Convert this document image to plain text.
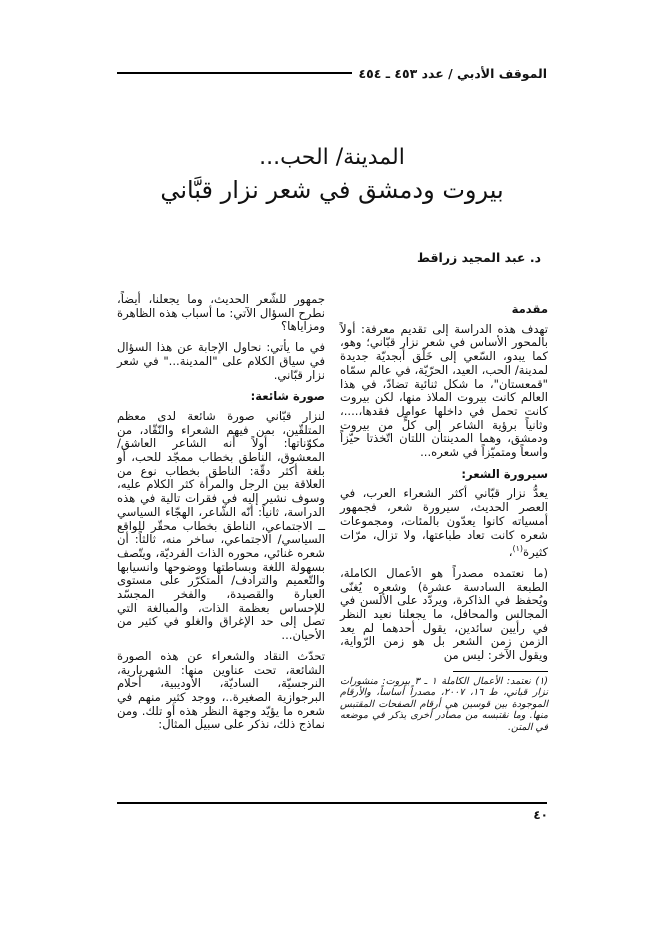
الموقف الأدبي / عدد ٤٥٣ ـ ٤٥٤
المدينة/ الحب...
بيروت ودمشق في شعر نزار قبَّاني
د. عبد المجيد زراقط
مقدمة

تهدف هذه الدراسة إلى تقديم معرفة: أولاً بالمحور الأساس في شعر نزار قبّاني؛ وهو، كما يبدو، السّعي إلى خَلْق أبجديّة جديدة لمدينة/ الحب، العيد، الحرّيّة، في عالم سمّاه "قمعستان"، ما شكل ثنائية تضادّ، في هذا العالم كانت بيروت الملاذ منها، لكن بيروت كانت تحمل في داخلها عوامل فقدها،....، وثانياً برؤية الشاعر إلى كلٍّ من بيروت ودمشق، وهما المدينتان اللتان اتّخذتا حيّزاً واسعاً ومتميّزاً في شعره...

سيرورة الشعر:

يعدُّ نزار قبّاني أكثر الشعراء العرب، في العصر الحديث، سيرورة شعر، فجمهور أمسياته كانوا يعدّون بالمئات، ومجموعات شعره كانت تعاد طباعتها، ولا تزال، مرّات كثيرة$^{(١)}$،

(ما نعتمده مصدراً هو الأعمال الكاملة، الطبعة السادسة عشرة) وشعره يُغنّى ويُحفظ في الذاكرة، ويردّد على الألسن في المجالس والمحافل، ما يجعلنا نعيد النظر في رأيين سائدين، يقول أحدهما لم يعد الزمن زمن الشعر بل هو زمن الرّواية، ويقول الآخر: ليس من

(١) نعتمد: الأعمال الكاملة ١ ـ ٣ بيروت: منشورات نزار قباني، ط ١٦، ٢٠٠٧، مصدراً أساساً، والأرقام الموجودة بين قوسين هي أرقام الصفحات المقتبس منها. وما نقتبسه من مصادر أخرى يذكر في موضعه في المتن.

جمهور للشّعر الحديث، وما يجعلنا، أيضاً، نطرح السؤال الآتي: ما أسباب هذه الظاهرة ومزاياها؟

في ما يأتي: نحاول الإجابة عن هذا السؤال في سياق الكلام على "المدينة..." في شعر نزار قبّاني.

صورة شائعة:

لنزار قبّاني صورة شائعة لدى معظم المتلقّين، بمن فيهم الشعراء والنّقّاد، من مكوّناتها: أولاً أنه الشاعر العاشق/ المعشوق، الناطق بخطاب ممجّد للحب، أو بلغة أكثر دقّة: الناطق بخطاب نوع من العلاقة بين الرجل والمرأة كثر الكلام عليه، وسوف نشير إليه في فقرات تالية في هذه الدراسة، ثانياً: أنّه الشّاعر، الهجّاء السياسي ــ الاجتماعي، الناطق بخطاب محقّر للواقع السياسي/ الاجتماعي، ساخر منه، ثالثاً: أن شعره غنائي، محوره الذات الفرديّة، ويتّصف بسهولة اللغة وبساطتها ووضوحها وانسيابها والتّعميم والترادف/ المتكرّر على مستوى العبارة والقصيدة، والفخر المجسّد للإحساس بعظمة الذات، والمبالغة التي تصل إلى حد الإغراق والغلو في كثير من الأحيان...

تحدّث النقاد والشعراء عن هذه الصورة الشائعة، تحت عناوين منها: الشهريارية، النرجسيّة، الساديّة، الأوديبية، أحلام البرجوازية الصغيرة..، ووجد كثير منهم في شعره ما يؤيّد وجهة النظر هذه أو تلك. ومن نماذج ذلك، نذكر على سبيل المثال:

٤٠
